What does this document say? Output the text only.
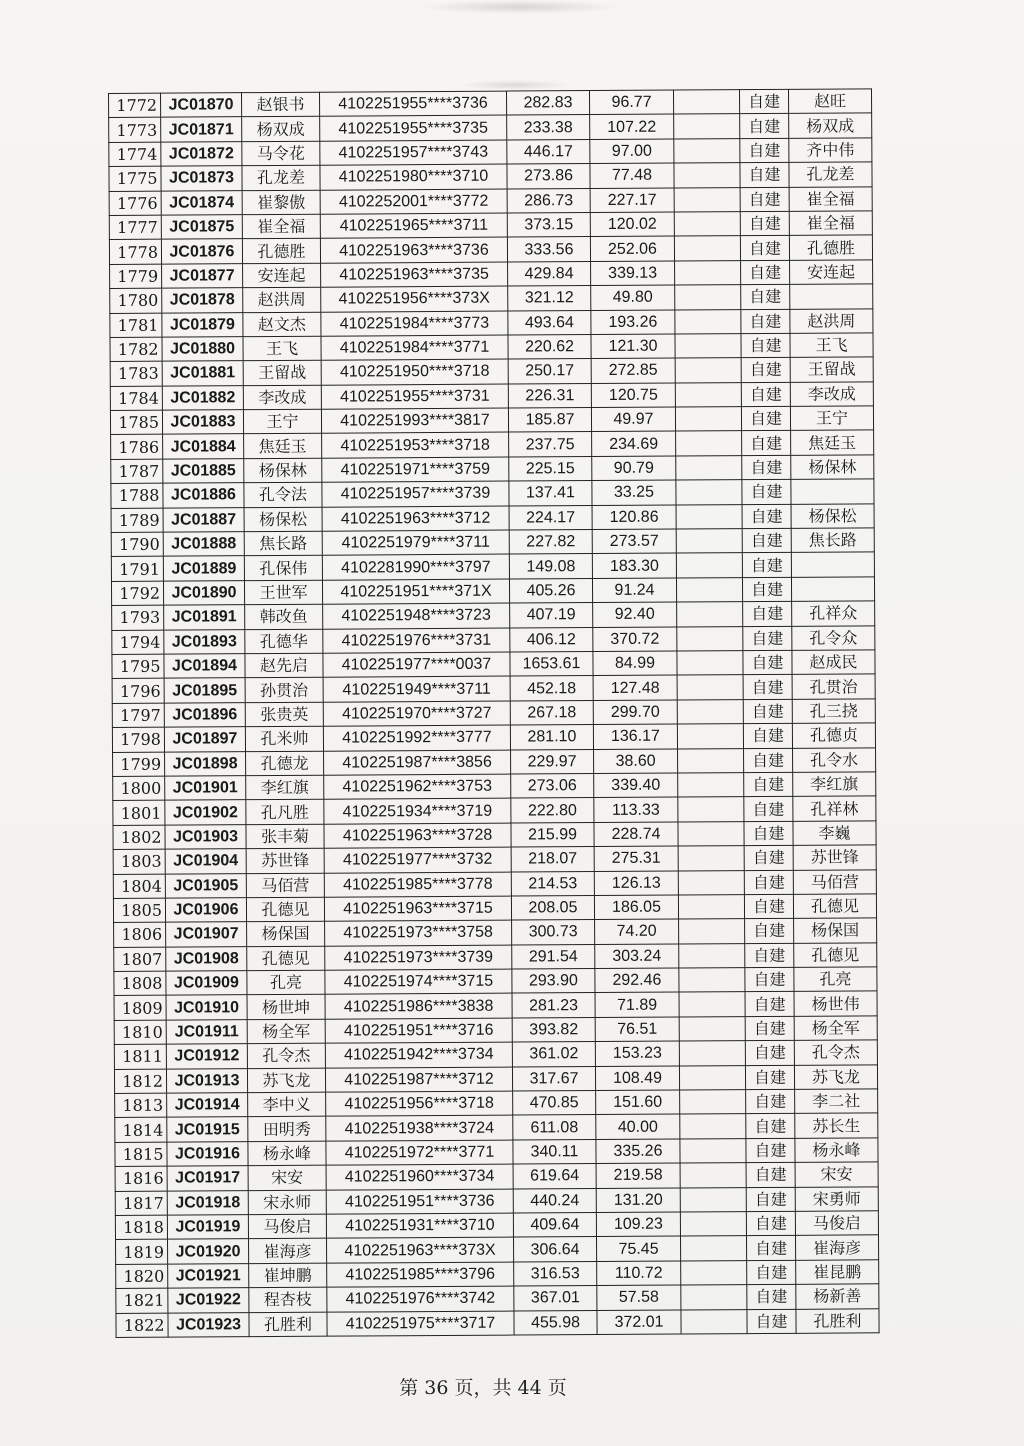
1772	JC01870	赵银书	4102251955****3736	282.83	96.77		自建	赵旺
1773	JC01871	杨双成	4102251955****3735	233.38	107.22		自建	杨双成
1774	JC01872	马令花	4102251957****3743	446.17	97.00		自建	齐中伟
1775	JC01873	孔龙差	4102251980****3710	273.86	77.48		自建	孔龙差
1776	JC01874	崔黎傲	4102252001****3772	286.73	227.17		自建	崔全福
1777	JC01875	崔全福	4102251965****3711	373.15	120.02		自建	崔全福
1778	JC01876	孔德胜	4102251963****3736	333.56	252.06		自建	孔德胜
1779	JC01877	安连起	4102251963****3735	429.84	339.13		自建	安连起
1780	JC01878	赵洪周	4102251956****373X	321.12	49.80		自建	
1781	JC01879	赵文杰	4102251984****3773	493.64	193.26		自建	赵洪周
1782	JC01880	王飞	4102251984****3771	220.62	121.30		自建	王飞
1783	JC01881	王留战	4102251950****3718	250.17	272.85		自建	王留战
1784	JC01882	李改成	4102251955****3731	226.31	120.75		自建	李改成
1785	JC01883	王宁	4102251993****3817	185.87	49.97		自建	王宁
1786	JC01884	焦廷玉	4102251953****3718	237.75	234.69		自建	焦廷玉
1787	JC01885	杨保林	4102251971****3759	225.15	90.79		自建	杨保林
1788	JC01886	孔令法	4102251957****3739	137.41	33.25		自建	
1789	JC01887	杨保松	4102251963****3712	224.17	120.86		自建	杨保松
1790	JC01888	焦长路	4102251979****3711	227.82	273.57		自建	焦长路
1791	JC01889	孔保伟	4102281990****3797	149.08	183.30		自建	
1792	JC01890	王世军	4102251951****371X	405.26	91.24		自建	
1793	JC01891	韩改鱼	4102251948****3723	407.19	92.40		自建	孔祥众
1794	JC01893	孔德华	4102251976****3731	406.12	370.72		自建	孔令众
1795	JC01894	赵先启	4102251977****0037	1653.61	84.99		自建	赵成民
1796	JC01895	孙贯治	4102251949****3711	452.18	127.48		自建	孔贯治
1797	JC01896	张贵英	4102251970****3727	267.18	299.70		自建	孔三挠
1798	JC01897	孔米帅	4102251992****3777	281.10	136.17		自建	孔德贞
1799	JC01898	孔德龙	4102251987****3856	229.97	38.60		自建	孔令水
1800	JC01901	李红旗	4102251962****3753	273.06	339.40		自建	李红旗
1801	JC01902	孔凡胜	4102251934****3719	222.80	113.33		自建	孔祥林
1802	JC01903	张丰菊	4102251963****3728	215.99	228.74		自建	李巍
1803	JC01904	苏世锋	4102251977****3732	218.07	275.31		自建	苏世锋
1804	JC01905	马佰营	4102251985****3778	214.53	126.13		自建	马佰营
1805	JC01906	孔德见	4102251963****3715	208.05	186.05		自建	孔德见
1806	JC01907	杨保国	4102251973****3758	300.73	74.20		自建	杨保国
1807	JC01908	孔德见	4102251973****3739	291.54	303.24		自建	孔德见
1808	JC01909	孔亮	4102251974****3715	293.90	292.46		自建	孔亮
1809	JC01910	杨世坤	4102251986****3838	281.23	71.89		自建	杨世伟
1810	JC01911	杨全军	4102251951****3716	393.82	76.51		自建	杨全军
1811	JC01912	孔令杰	4102251942****3734	361.02	153.23		自建	孔令杰
1812	JC01913	苏飞龙	4102251987****3712	317.67	108.49		自建	苏飞龙
1813	JC01914	李中义	4102251956****3718	470.85	151.60		自建	李二社
1814	JC01915	田明秀	4102251938****3724	611.08	40.00		自建	苏长生
1815	JC01916	杨永峰	4102251972****3771	340.11	335.26		自建	杨永峰
1816	JC01917	宋安	4102251960****3734	619.64	219.58		自建	宋安
1817	JC01918	宋永师	4102251951****3736	440.24	131.20		自建	宋勇师
1818	JC01919	马俊启	4102251931****3710	409.64	109.23		自建	马俊启
1819	JC01920	崔海彦	4102251963****373X	306.64	75.45		自建	崔海彦
1820	JC01921	崔坤鹏	4102251985****3796	316.53	110.72		自建	崔昆鹏
1821	JC01922	程杏枝	4102251976****3742	367.01	57.58		自建	杨新善
1822	JC01923	孔胜利	4102251975****3717	455.98	372.01		自建	孔胜利
第 36 页，共 44 页
